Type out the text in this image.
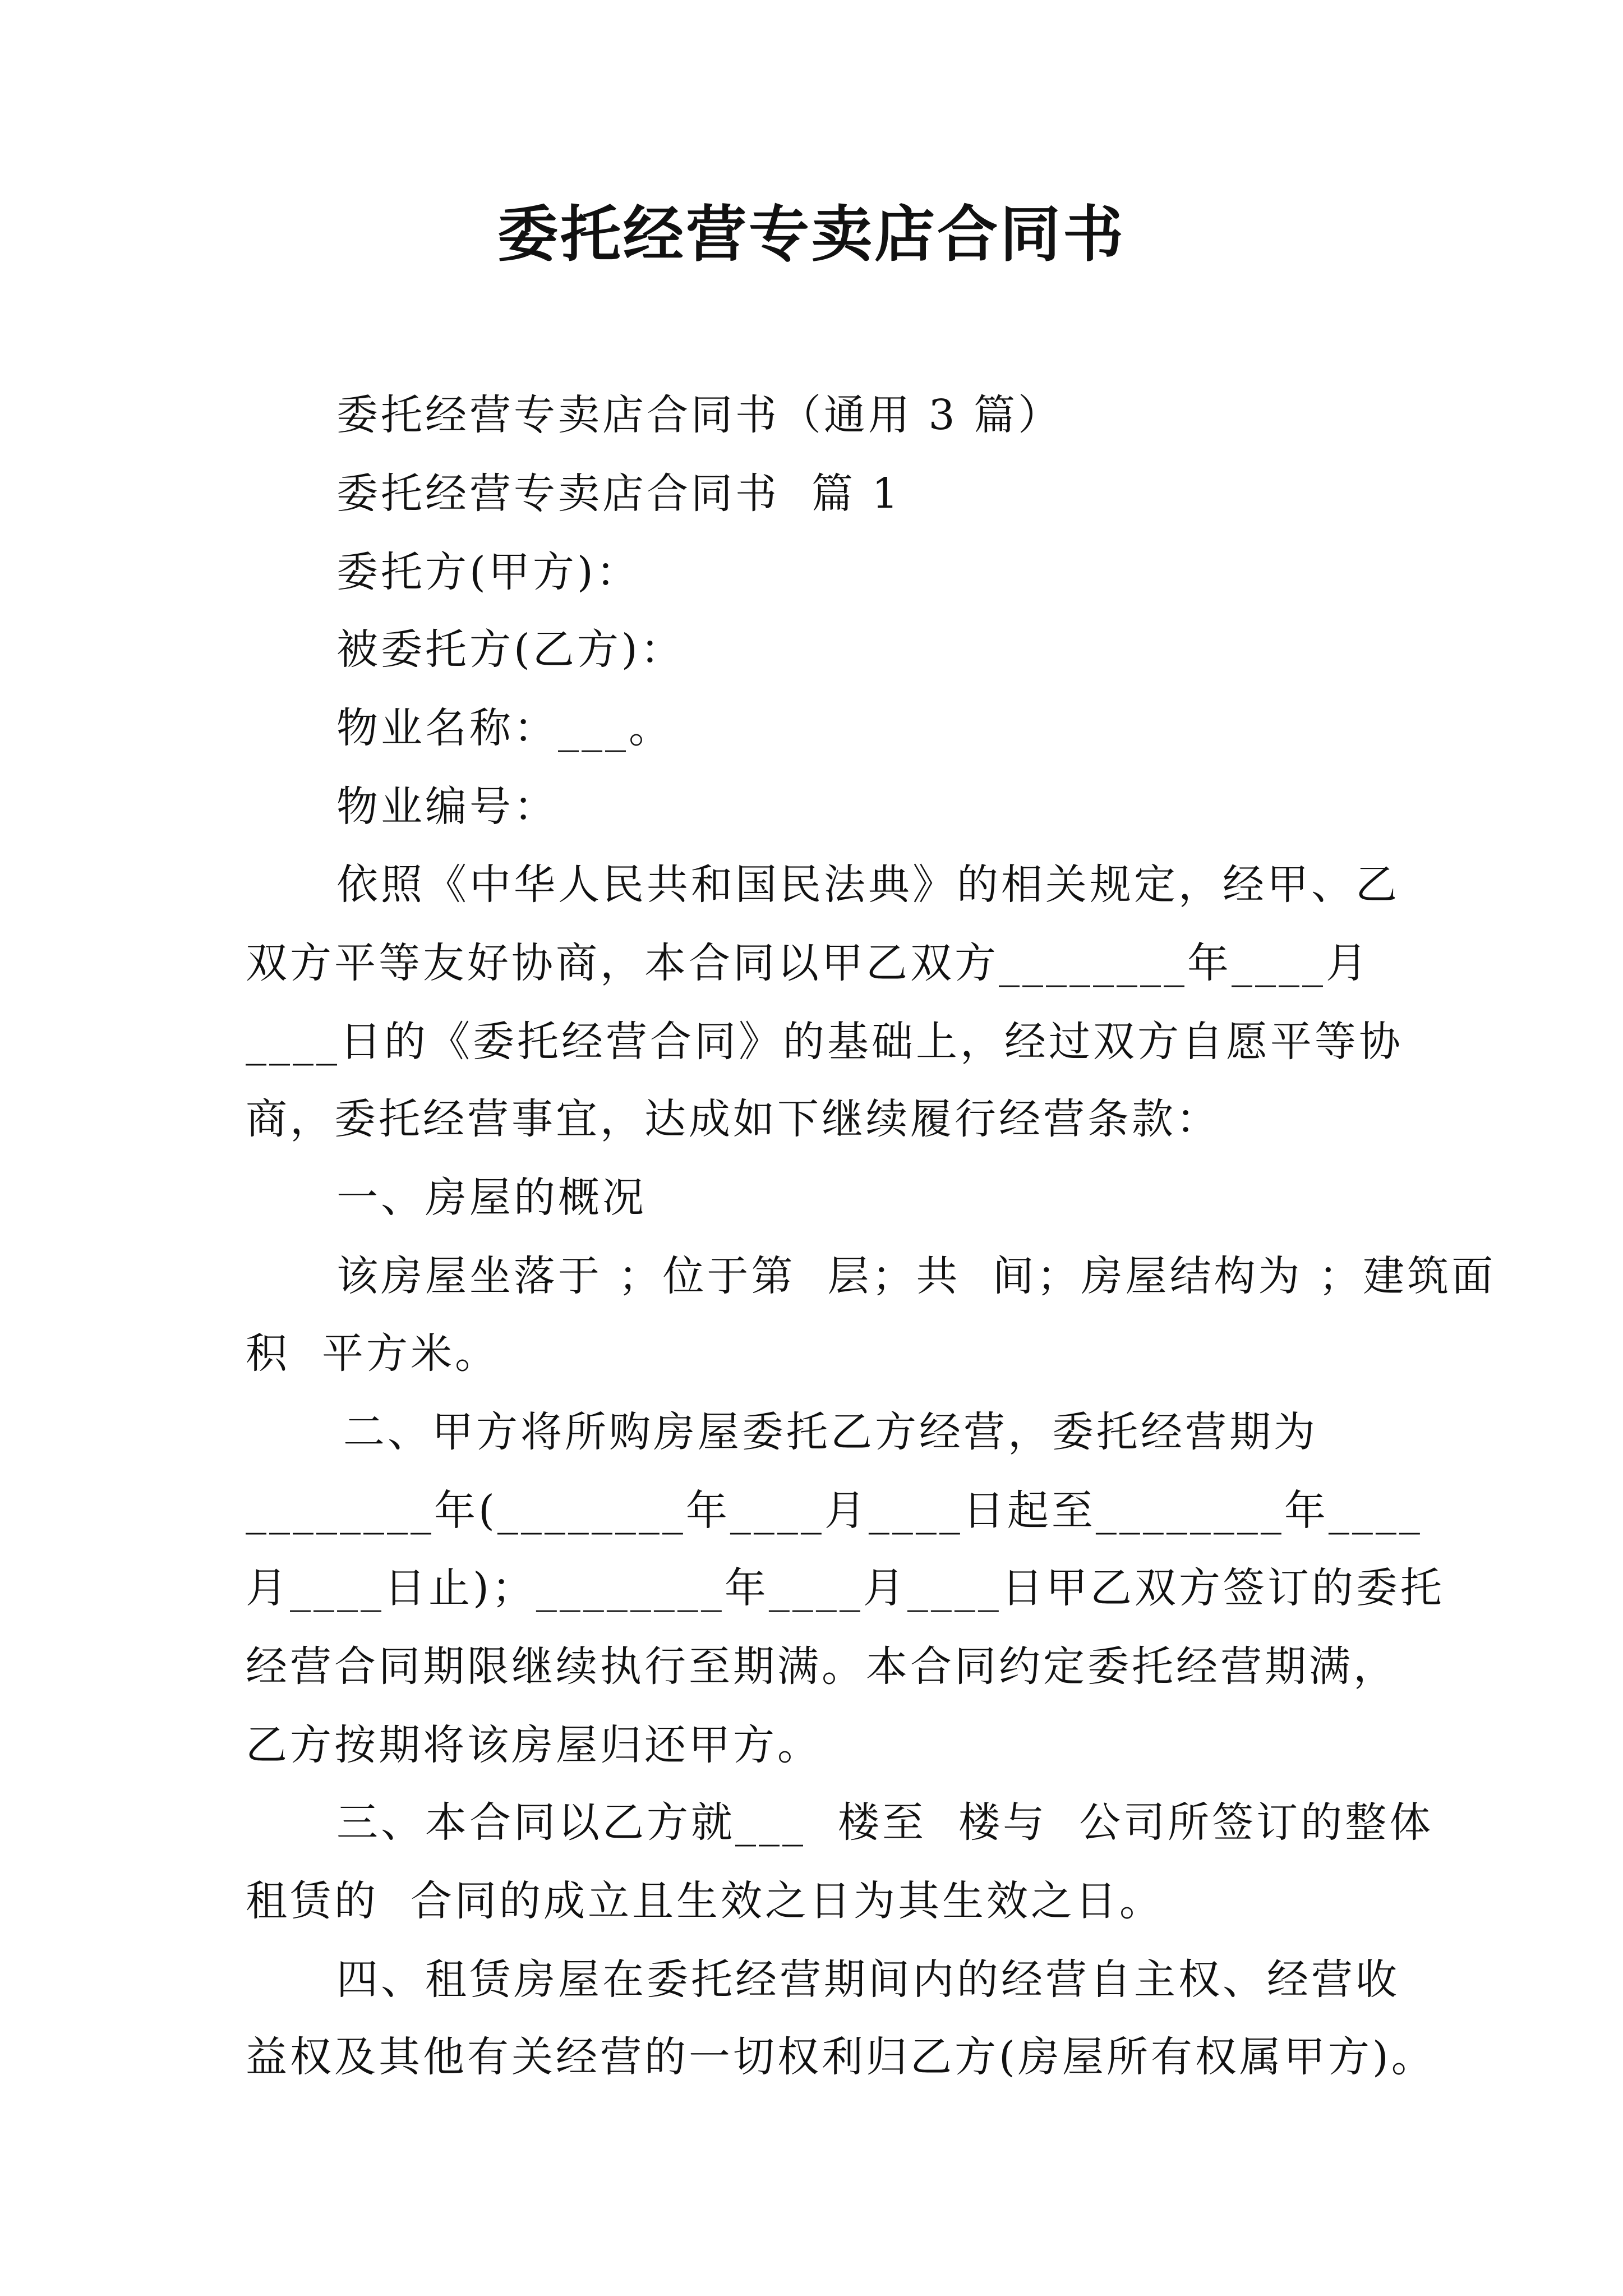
委托经营专卖店合同书
委托经营专卖店合同书（通用 3 篇）
委托经营专卖店合同书  篇 1
委托方(甲方)：
被委托方(乙方)：
物业名称：___。
物业编号：
依照《中华人民共和国民法典》的相关规定，经甲、乙
双方平等友好协商，本合同以甲乙双方________年____月
____日的《委托经营合同》的基础上，经过双方自愿平等协
商，委托经营事宜，达成如下继续履行经营条款：
一、房屋的概况
该房屋坐落于 ；位于第  层；共  间；房屋结构为 ；建筑面
积  平方米。
二、甲方将所购房屋委托乙方经营，委托经营期为
________年(________年____月____日起至________年____
月____日止)；________年____月____日甲乙双方签订的委托
经营合同期限继续执行至期满。本合同约定委托经营期满，
乙方按期将该房屋归还甲方。
三、本合同以乙方就___  楼至  楼与  公司所签订的整体
租赁的  合同的成立且生效之日为其生效之日。
四、租赁房屋在委托经营期间内的经营自主权、经营收
益权及其他有关经营的一切权利归乙方(房屋所有权属甲方)。
